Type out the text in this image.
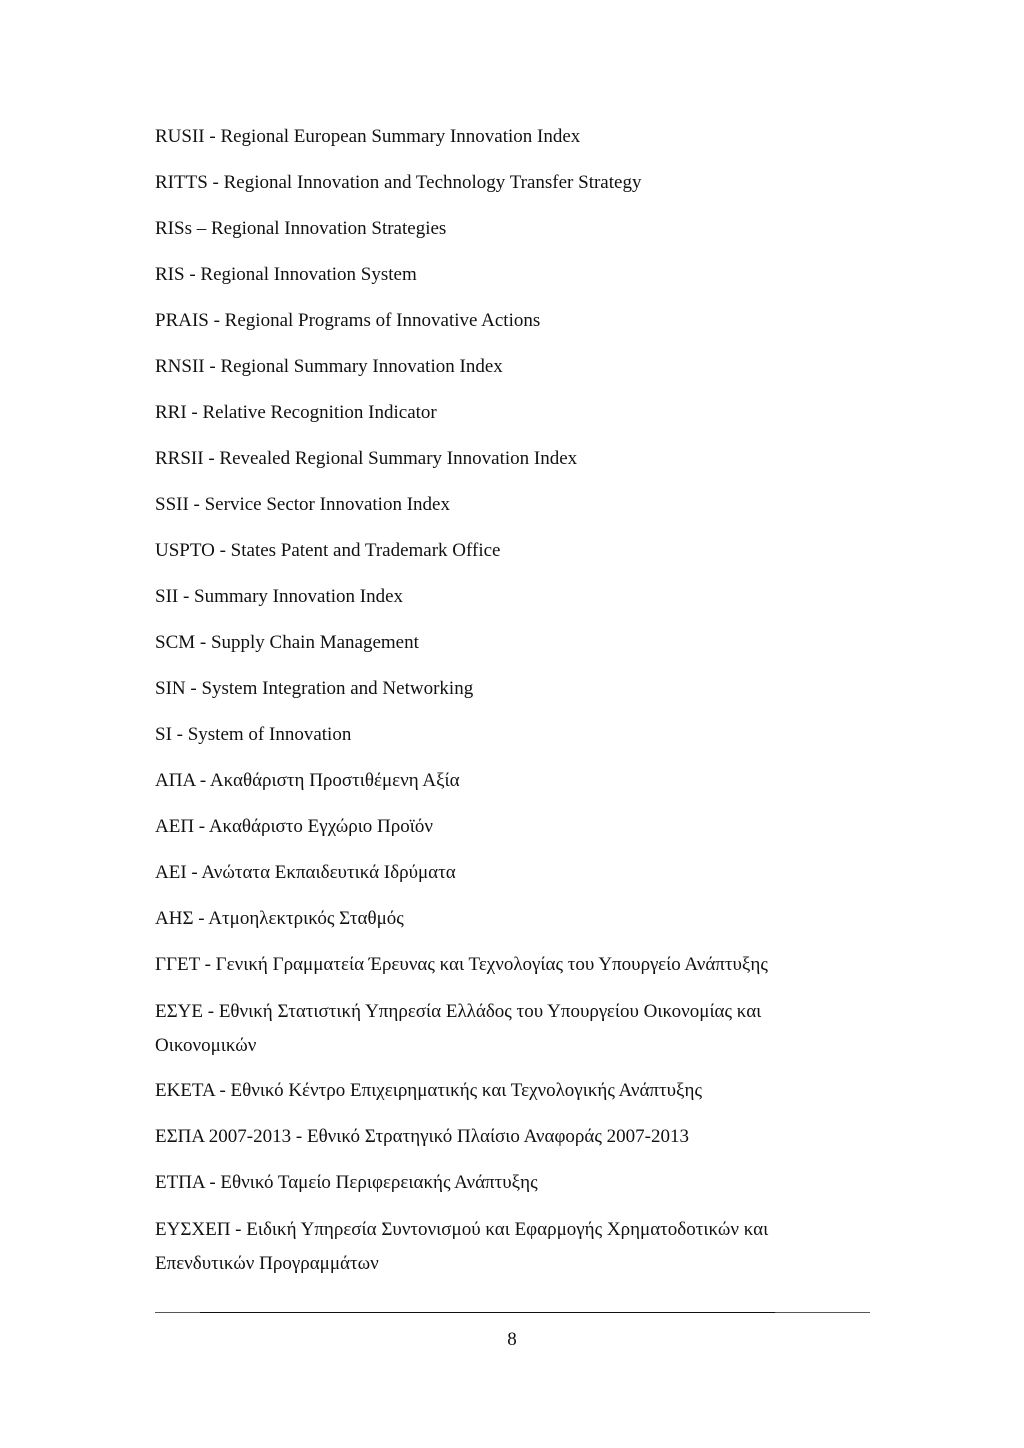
RUSII - Regional European Summary Innovation Index
RITTS - Regional Innovation and Technology Transfer Strategy
RISs – Regional Innovation Strategies
RIS - Regional Innovation System
PRAIS - Regional Programs of Innovative Actions
RNSII - Regional Summary Innovation Index
RRI - Relative Recognition Indicator
RRSII - Revealed Regional Summary Innovation Index
SSII - Service Sector Innovation Index
USPTO - States Patent and Trademark Office
SII - Summary Innovation Index
SCM - Supply Chain Management
SIN - System Integration and Networking
SI - System of Innovation
ΑΠΑ - Ακαθάριστη Προστιθέμενη Αξία
ΑΕΠ - Ακαθάριστο Εγχώριο Προϊόν
ΑΕΙ - Ανώτατα Εκπαιδευτικά Ιδρύματα
ΑΗΣ - Ατμοηλεκτρικός Σταθμός
ΓΓΕΤ - Γενική Γραμματεία Έρευνας και Τεχνολογίας του Υπουργείο Ανάπτυξης
ΕΣΥΕ - Εθνική Στατιστική Υπηρεσία Ελλάδος του Υπουργείου Οικονομίας και Οικονομικών
ΕΚΕΤΑ - Εθνικό Κέντρο Επιχειρηματικής και Τεχνολογικής Ανάπτυξης
ΕΣΠΑ 2007-2013 - Εθνικό Στρατηγικό Πλαίσιο Αναφοράς 2007-2013
ΕΤΠΑ - Εθνικό Ταμείο Περιφερειακής Ανάπτυξης
ΕΥΣΧΕΠ - Ειδική Υπηρεσία Συντονισμού και Εφαρμογής Χρηματοδοτικών και Επενδυτικών Προγραμμάτων
8
